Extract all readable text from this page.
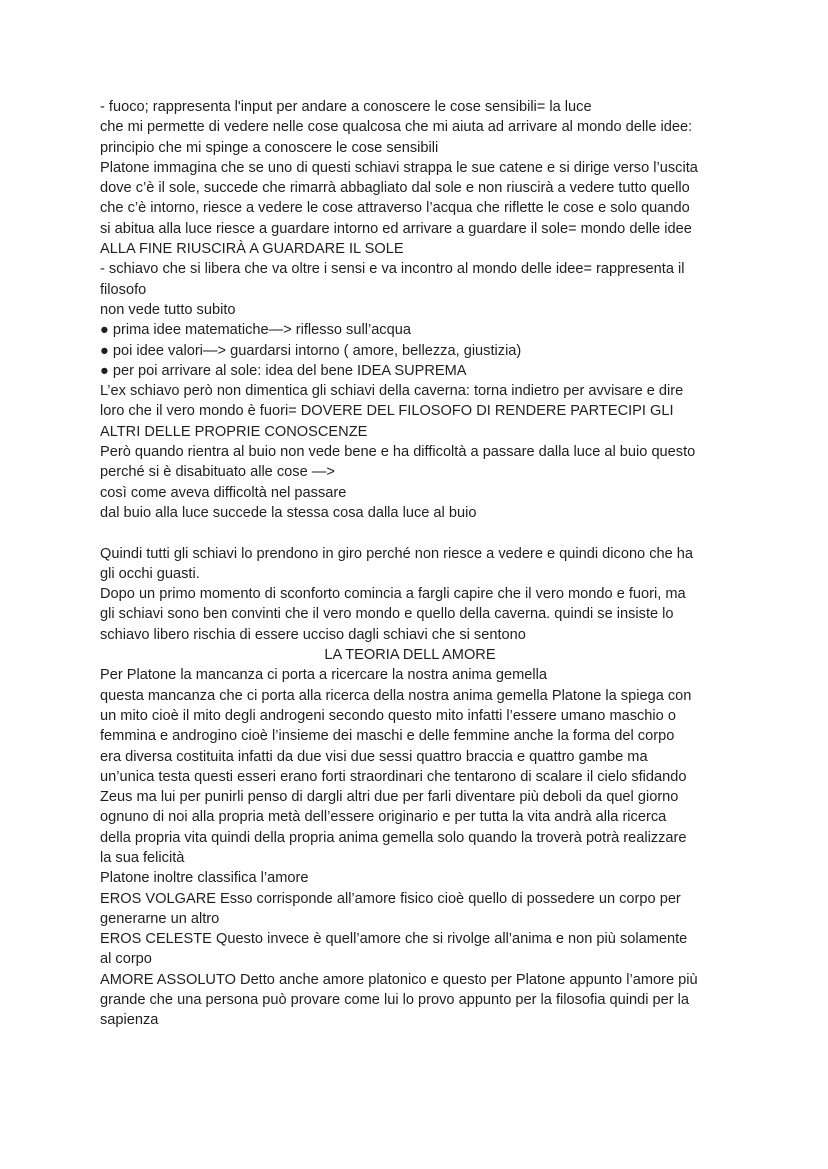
- fuoco; rappresenta l'input per andare a conoscere le cose sensibili= la luce
che mi permette di vedere nelle cose qualcosa che mi aiuta ad arrivare al mondo delle idee:
principio che mi spinge a conoscere le cose sensibili
Platone immagina che se uno di questi schiavi strappa le sue catene e si dirige verso l’uscita
dove c’è il sole, succede che rimarrà abbagliato dal sole e non riuscirà a vedere tutto quello
che c’è intorno, riesce a vedere le cose attraverso l’acqua che riflette le cose e solo quando
si abitua alla luce riesce a guardare intorno ed arrivare a guardare il sole= mondo delle idee
ALLA FINE RIUSCIRÀ A GUARDARE IL SOLE
- schiavo che si libera che va oltre i sensi e va incontro al mondo delle idee= rappresenta il
filosofo
non vede tutto subito
● prima idee matematiche—> riflesso sull’acqua
● poi idee valori—> guardarsi intorno ( amore, bellezza, giustizia)
● per poi arrivare al sole: idea del bene IDEA SUPREMA
L’ex schiavo però non dimentica gli schiavi della caverna: torna indietro per avvisare e dire
loro che il vero mondo è fuori= DOVERE DEL FILOSOFO DI RENDERE PARTECIPI GLI
ALTRI DELLE PROPRIE CONOSCENZE
Però quando rientra al buio non vede bene e ha difficoltà a passare dalla luce al buio questo
perché si è disabituato alle cose —>
così come aveva difficoltà nel passare
dal buio alla luce succede la stessa cosa dalla luce al buio
Quindi tutti gli schiavi lo prendono in giro perché non riesce a vedere e quindi dicono che ha
gli occhi guasti.
Dopo un primo momento di sconforto comincia a fargli capire che il vero mondo e fuori, ma
gli schiavi sono ben convinti che il vero mondo e quello della caverna. quindi se insiste lo
schiavo libero rischia di essere ucciso dagli schiavi che si sentono
LA TEORIA DELL AMORE
Per Platone la mancanza ci porta a ricercare la nostra anima gemella
questa mancanza che ci porta alla ricerca della nostra anima gemella Platone la spiega con
un mito cioè il mito degli androgeni secondo questo mito infatti l’essere umano maschio o
femmina e androgino cioè l’insieme dei maschi e delle femmine anche la forma del corpo
era diversa costituita infatti da due visi due sessi quattro braccia e quattro gambe ma
un’unica testa questi esseri erano forti straordinari che tentarono di scalare il cielo sfidando
Zeus ma lui per punirli penso di dargli altri due per farli diventare più deboli da quel giorno
ognuno di noi alla propria metà dell’essere originario e per tutta la vita andrà alla ricerca
della propria vita quindi della propria anima gemella solo quando la troverà potrà realizzare
la sua felicità
Platone inoltre classifica l’amore
EROS VOLGARE Esso corrisponde all’amore fisico cioè quello di possedere un corpo per
generarne un altro
EROS CELESTE Questo invece è quell’amore che si rivolge all’anima e non più solamente
al corpo
AMORE ASSOLUTO Detto anche amore platonico e questo per Platone appunto l’amore più
grande che una persona può provare come lui lo provo appunto per la filosofia quindi per la
sapienza
